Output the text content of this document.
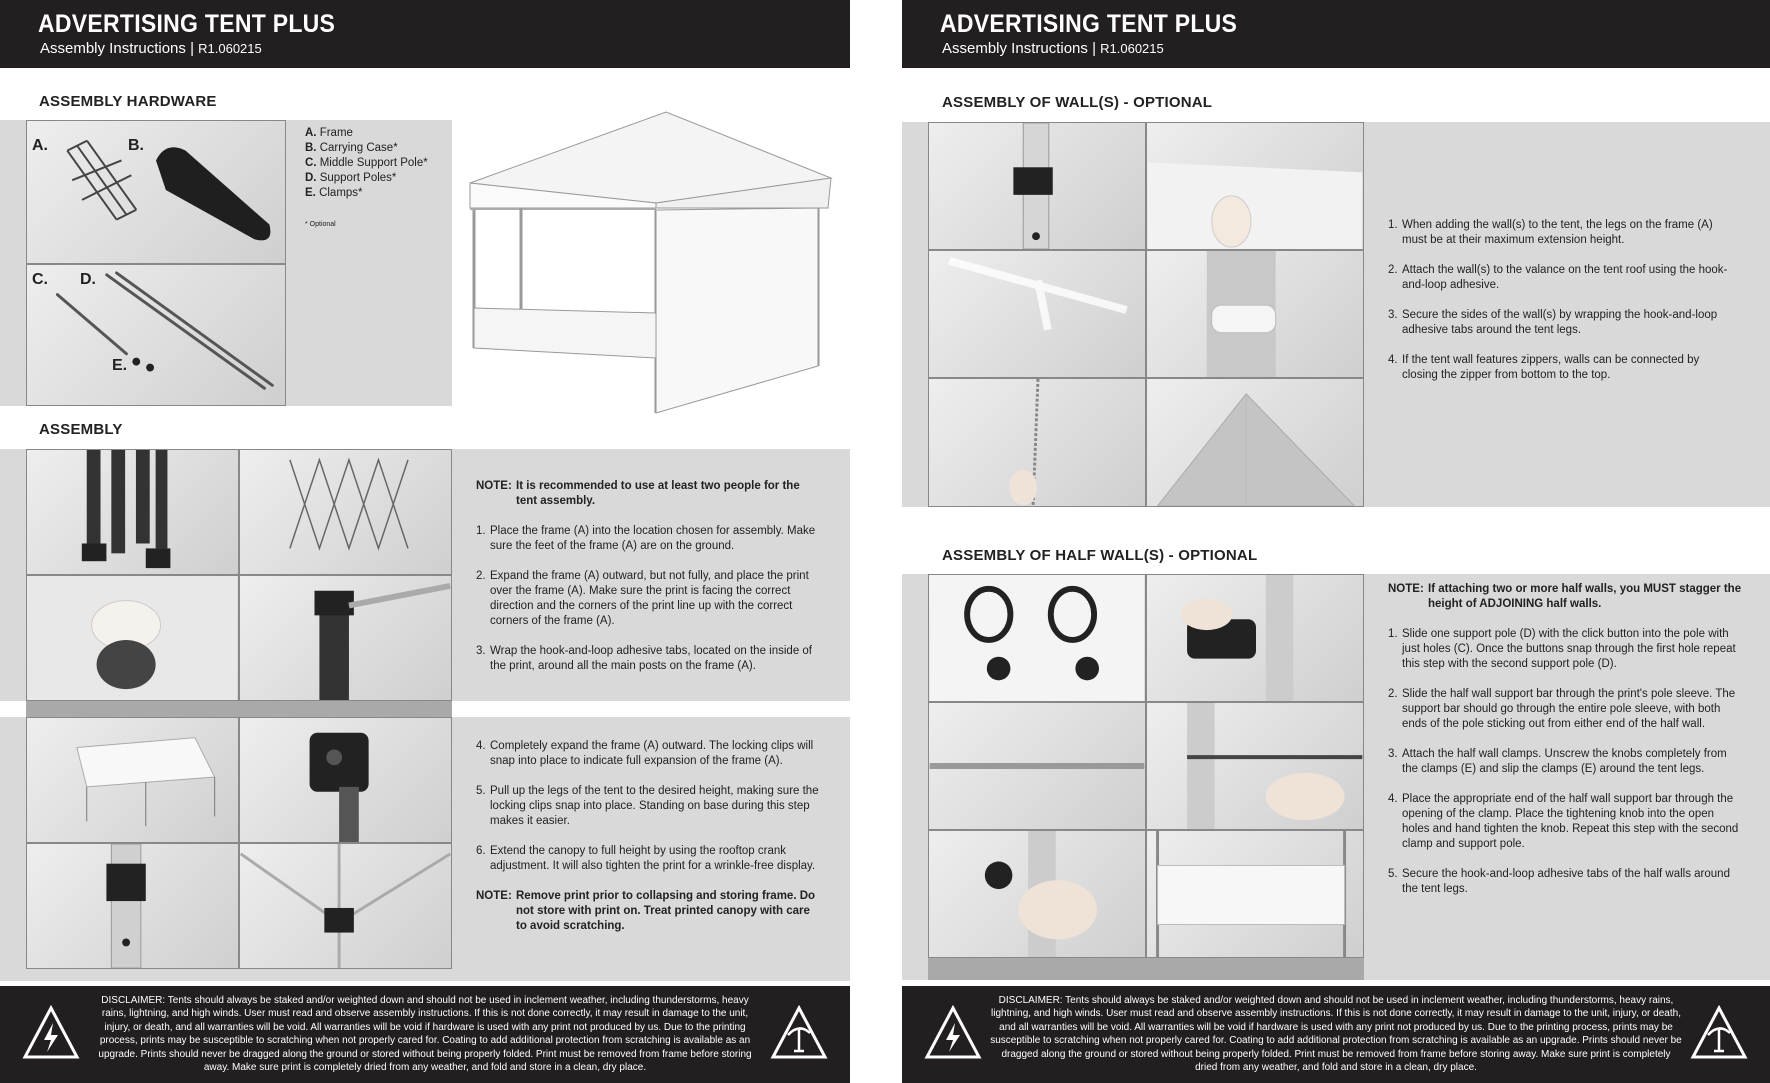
ADVERTISING TENT PLUS
Assembly Instructions | R1.060215
ASSEMBLY HARDWARE
A.	B.
C. D.
E.
A. Frame
B. Carrying Case*
C. Middle Support Pole*
D. Support Poles*
E. Clamps*
* Optional
ASSEMBLY

NOTE: It is recommended to use at least two people for the tent assembly.

1. Place the frame (A) into the location chosen for assembly. Make sure the feet of the frame (A) are on the ground.

2. Expand the frame (A) outward, but not fully, and place the print over the frame (A). Make sure the print is facing the correct direction and the corners of the print line up with the correct corners of the frame (A).

3. Wrap the hook-and-loop adhesive tabs, located on the inside of the print, around all the main posts on the frame (A).

4. Completely expand the frame (A) outward. The locking clips will snap into place to indicate full expansion of the frame (A).

5. Pull up the legs of the tent to the desired height, making sure the locking clips snap into place. Standing on base during this step makes it easier.

6. Extend the canopy to full height by using the rooftop crank adjustment. It will also tighten the print for a wrinkle-free display.

NOTE: Remove print prior to collapsing and storing frame. Do not store with print on. Treat printed canopy with care to avoid scratching.

DISCLAIMER: Tents should always be staked and/or weighted down and should not be used in inclement weather, including thunderstorms, heavy rains, lightning, and high winds. User must read and observe assembly instructions. If this is not done correctly, it may result in damage to the unit, injury, or death, and all warranties will be void. All warranties will be void if hardware is used with any print not produced by us. Due to the printing process, prints may be susceptible to scratching when not properly cared for. Coating to add additional protection from scratching is available as an upgrade. Prints should never be dragged along the ground or stored without being properly folded. Print must be removed from frame before storing away. Make sure print is completely dried from any weather, and fold and store in a clean, dry place.
ADVERTISING TENT PLUS
Assembly Instructions | R1.060215
ASSEMBLY OF WALL(S) - OPTIONAL

1. When adding the wall(s) to the tent, the legs on the frame (A) must be at their maximum extension height.

2. Attach the wall(s) to the valance on the tent roof using the hook-and-loop adhesive.

3. Secure the sides of the wall(s) by wrapping the hook-and-loop adhesive tabs around the tent legs.

4. If the tent wall features zippers, walls can be connected by closing the zipper from bottom to the top.

ASSEMBLY OF HALF WALL(S) - OPTIONAL

NOTE: If attaching two or more half walls, you MUST stagger the height of ADJOINING half walls.

1. Slide one support pole (D) with the click button into the pole with just holes (C). Once the buttons snap through the first hole repeat this step with the second support pole (D).

2. Slide the half wall support bar through the print's pole sleeve. The support bar should go through the entire pole sleeve, with both ends of the pole sticking out from either end of the half wall.

3. Attach the half wall clamps. Unscrew the knobs completely from the clamps (E) and slip the clamps (E) around the tent legs.

4. Place the appropriate end of the half wall support bar through the opening of the clamp. Place the tightening knob into the open holes and hand tighten the knob. Repeat this step with the second clamp and support pole.

5. Secure the hook-and-loop adhesive tabs of the half walls around the tent legs.

DISCLAIMER: Tents should always be staked and/or weighted down and should not be used in inclement weather, including thunderstorms, heavy rains, lightning, and high winds. User must read and observe assembly instructions. If this is not done correctly, it may result in damage to the unit, injury, or death, and all warranties will be void. All warranties will be void if hardware is used with any print not produced by us. Due to the printing process, prints may be susceptible to scratching when not properly cared for. Coating to add additional protection from scratching is available as an upgrade. Prints should never be dragged along the ground or stored without being properly folded. Print must be removed from frame before storing away. Make sure print is completely dried from any weather, and fold and store in a clean, dry place.
